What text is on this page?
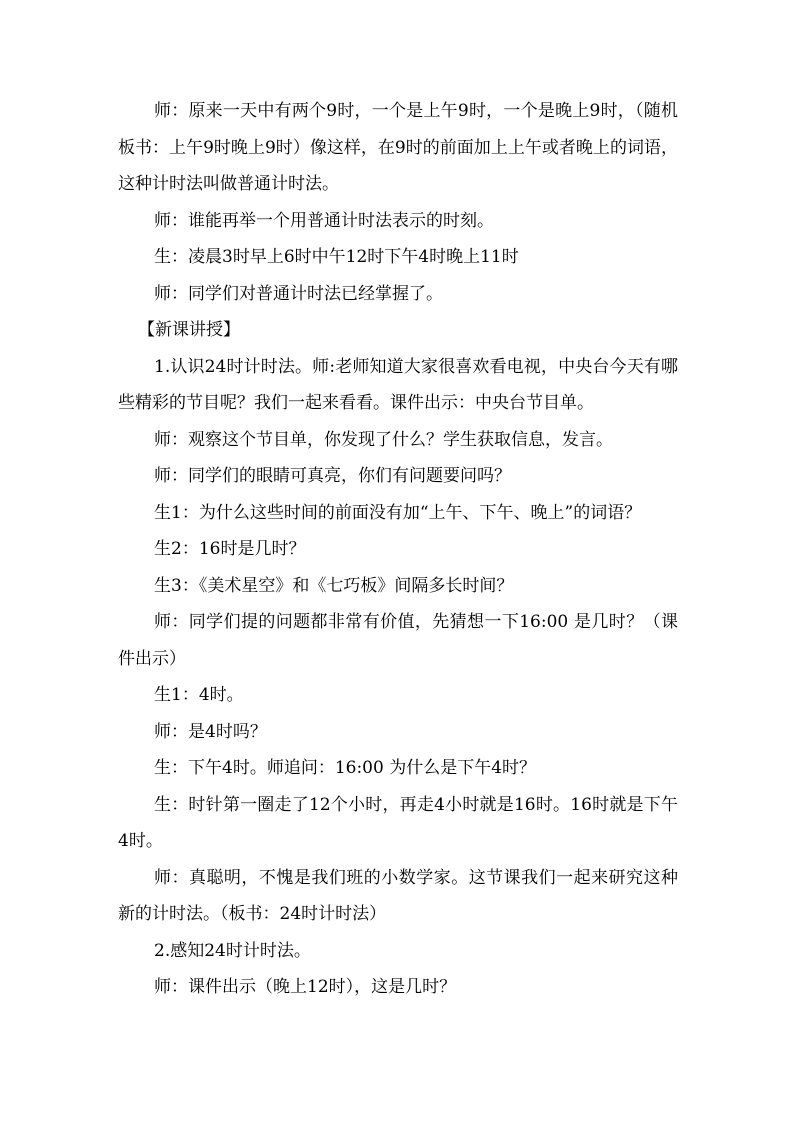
师：原来一天中有两个9时，一个是上午9时，一个是晚上9时，（随机板书：上午9时晚上9时）像这样，在9时的前面加上上午或者晚上的词语，这种计时法叫做普通计时法。

师：谁能再举一个用普通计时法表示的时刻。

生：凌晨3时早上6时中午12时下午4时晚上11时

师：同学们对普通计时法已经掌握了。

【新课讲授】

1.认识24时计时法。师:老师知道大家很喜欢看电视，中央台今天有哪些精彩的节目呢？我们一起来看看。课件出示：中央台节目单。

师：观察这个节目单，你发现了什么？学生获取信息，发言。

师：同学们的眼睛可真亮，你们有问题要问吗？

生1：为什么这些时间的前面没有加“上午、下午、晚上”的词语？

生2：16时是几时？

生3：《美术星空》和《七巧板》间隔多长时间？

师：同学们提的问题都非常有价值，先猜想一下16:00 是几时？（课件出示）

生1：4时。

师：是4时吗？

生：下午4时。师追问：16:00 为什么是下午4时？

生：时针第一圈走了12个小时，再走4小时就是16时。16时就是下午4时。

师：真聪明，不愧是我们班的小数学家。这节课我们一起来研究这种新的计时法。（板书：24时计时法）

2.感知24时计时法。

师：课件出示（晚上12时），这是几时？
